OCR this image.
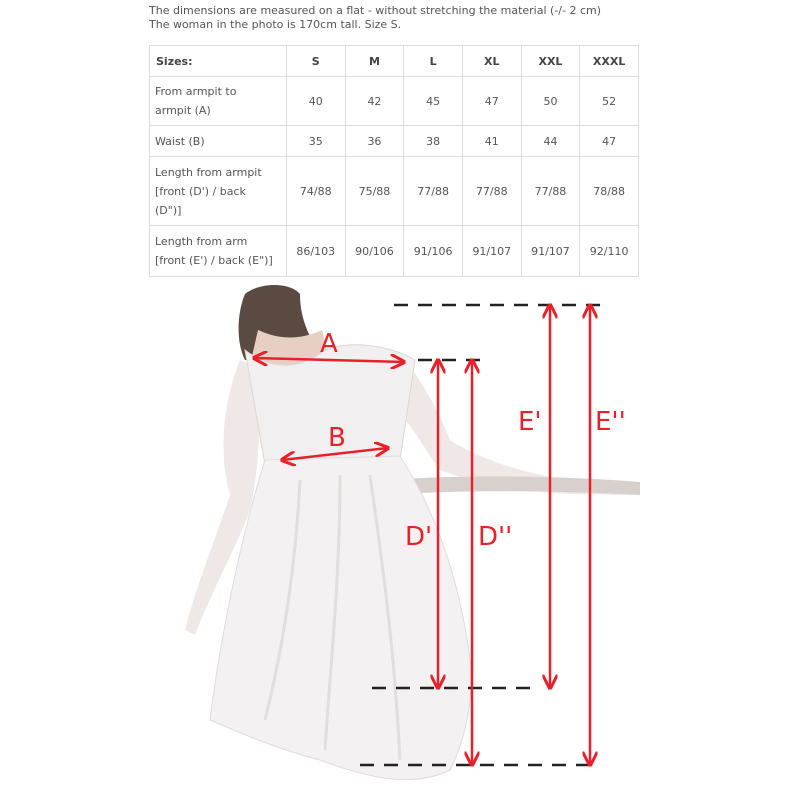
The dimensions are measured on a flat - without stretching the material (-/- 2 cm)
The woman in the photo is 170cm tall. Size S.
Sizes:	S	M	L	XL	XXL	XXXL

From armpit to
armpit (A)	40	42	45	47	50	52

Waist (B)	35	36	38	41	44	47

Length from armpit
[front (D') / back
(D")]	74/88	75/88	77/88	77/88	77/88	78/88

Length from arm
[front (E') / back (E")]	86/103	90/106	91/106	91/107	91/107	92/110
A
B
D' D''
E' E''
